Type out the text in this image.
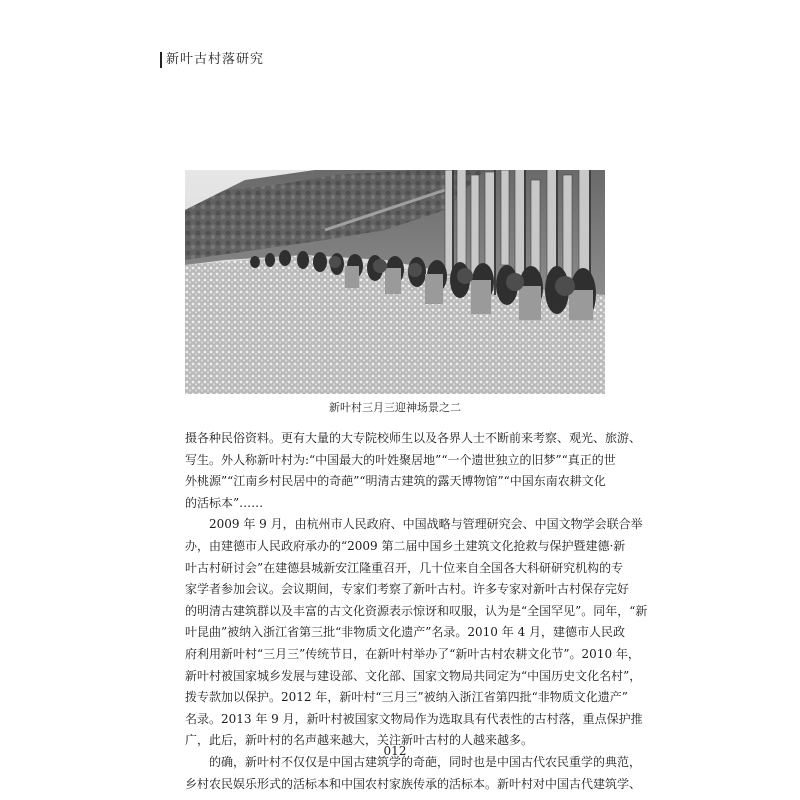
新叶古村落研究
新叶村三月三迎神场景之二
摄各种民俗资料。更有大量的大专院校师生以及各界人士不断前来考察、观光、旅游、
写生。外人称新叶村为:“中国最大的叶姓聚居地”“一个遗世独立的旧梦”“真正的世
外桃源”“江南乡村民居中的奇葩”“明清古建筑的露天博物馆”“中国东南农耕文化
的活标本”……
2009 年 9 月，由杭州市人民政府、中国战略与管理研究会、中国文物学会联合举
办，由建德市人民政府承办的“2009 第二届中国乡土建筑文化抢救与保护暨建德·新
叶古村研讨会”在建德县城新安江隆重召开，几十位来自全国各大科研研究机构的专
家学者参加会议。会议期间，专家们考察了新叶古村。许多专家对新叶古村保存完好
的明清古建筑群以及丰富的古文化资源表示惊讶和叹服，认为是“全国罕见”。同年，“新
叶昆曲”被纳入浙江省第三批“非物质文化遗产”名录。2010 年 4 月，建德市人民政
府利用新叶村“三月三”传统节日，在新叶村举办了“新叶古村农耕文化节”。2010 年，
新叶村被国家城乡发展与建设部、文化部、国家文物局共同定为“中国历史文化名村”，
拨专款加以保护。2012 年，新叶村“三月三”被纳入浙江省第四批“非物质文化遗产”
名录。2013 年 9 月，新叶村被国家文物局作为选取具有代表性的古村落，重点保护推
广，此后，新叶村的名声越来越大，关注新叶古村的人越来越多。
的确，新叶村不仅仅是中国古建筑学的奇葩，同时也是中国古代农民重学的典范，
乡村农民娱乐形式的活标本和中国农村家族传承的活标本。新叶村对中国古代建筑学、
012
